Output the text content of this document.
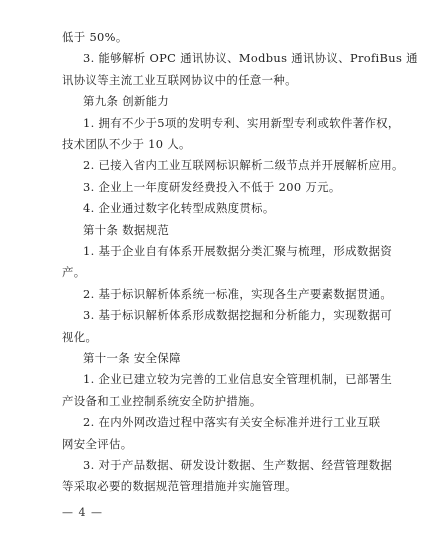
低于 50%。
3. 能够解析 OPC 通讯协议、Modbus 通讯协议、ProfiBus 通
讯协议等主流工业互联网协议中的任意一种。
第九条 创新能力
1. 拥有不少于5项的发明专利、实用新型专利或软件著作权，
技术团队不少于 10 人。
2. 已接入省内工业互联网标识解析二级节点并开展解析应用。
3. 企业上一年度研发经费投入不低于 200 万元。
4. 企业通过数字化转型成熟度贯标。
第十条 数据规范
1. 基于企业自有体系开展数据分类汇聚与梳理，形成数据资
产。
2. 基于标识解析体系统一标准，实现各生产要素数据贯通。
3. 基于标识解析体系形成数据挖掘和分析能力，实现数据可
视化。
第十一条 安全保障
1. 企业已建立较为完善的工业信息安全管理机制，已部署生
产设备和工业控制系统安全防护措施。
2. 在内外网改造过程中落实有关安全标准并进行工业互联
网安全评估。
— 4 —
3. 对于产品数据、研发设计数据、生产数据、经营管理数据
等采取必要的数据规范管理措施并实施管理。
